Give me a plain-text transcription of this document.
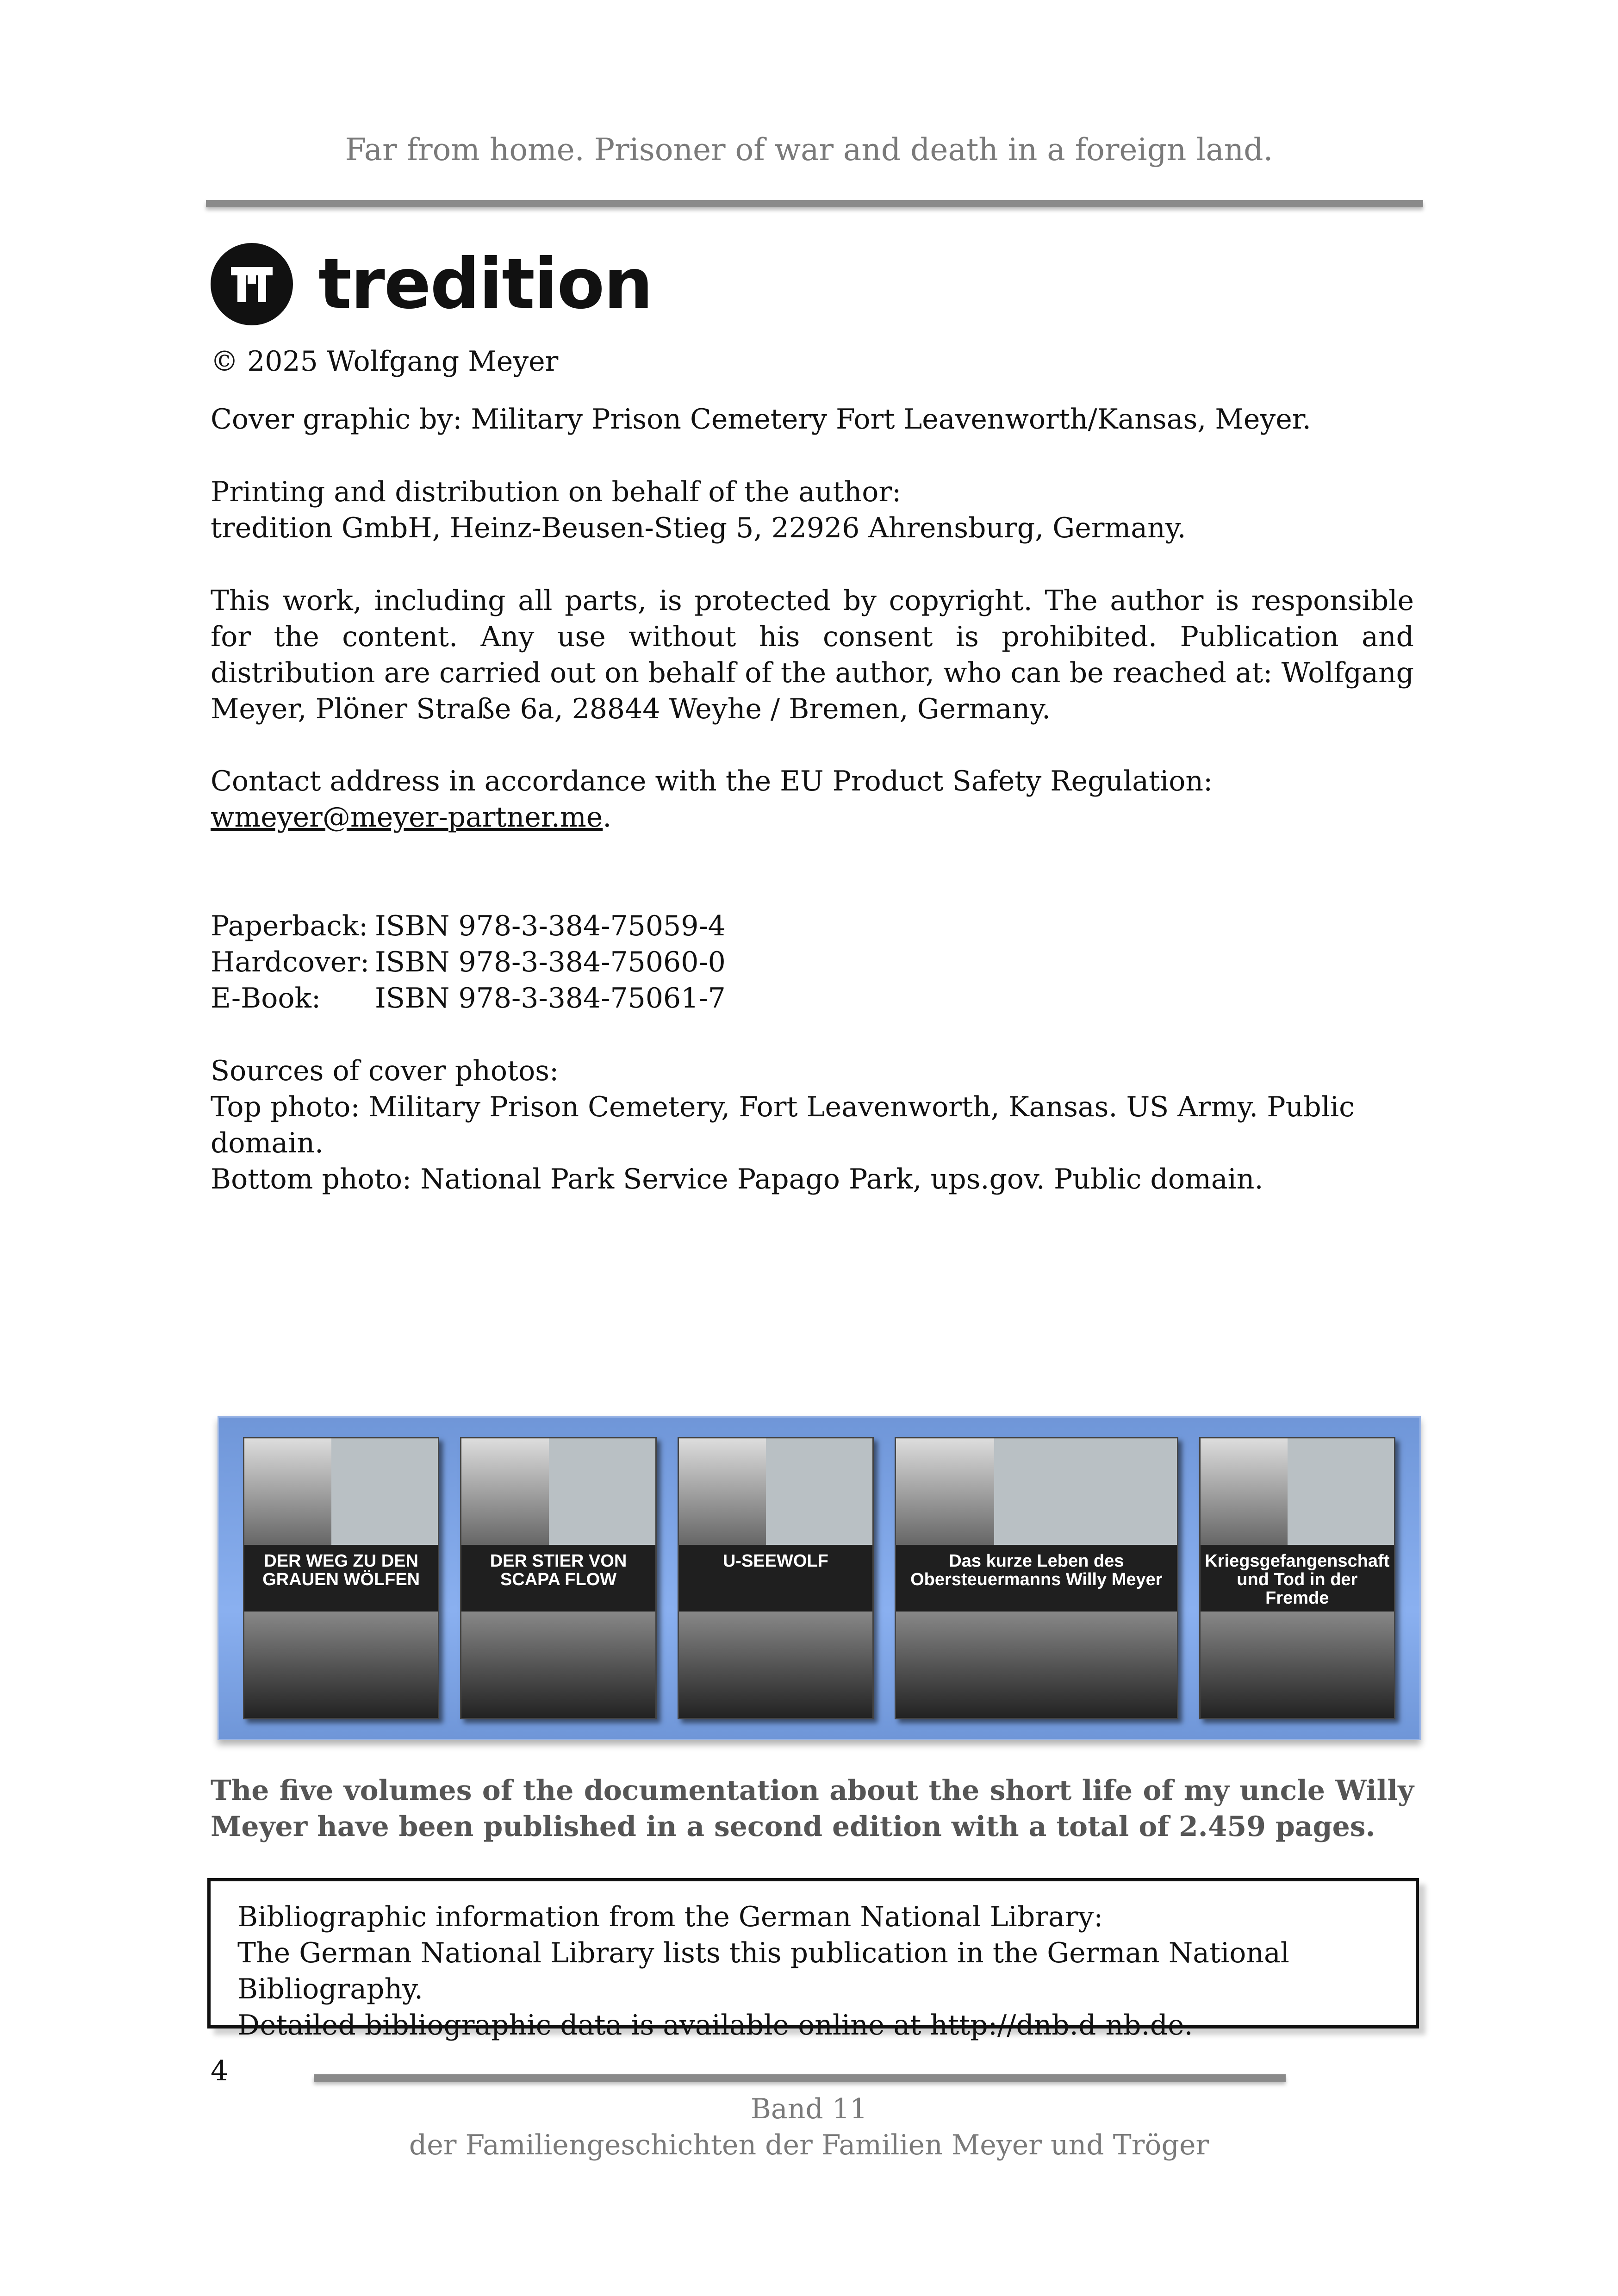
Far from home. Prisoner of war and death in a foreign land.
tredition
© 2025 Wolfgang Meyer
Cover graphic by: Military Prison Cemetery Fort Leavenworth/Kansas, Meyer.
Printing and distribution on behalf of the author:
tredition GmbH, Heinz-Beusen-Stieg 5, 22926 Ahrensburg, Germany.
This work, including all parts, is protected by copyright. The author is responsible for the content. Any use without his consent is prohibited. Publication and distribution are carried out on behalf of the author, who can be reached at: Wolfgang Meyer, Plöner Straße 6a, 28844 Weyhe / Bremen, Germany.
Contact address in accordance with the EU Product Safety Regulation:
wmeyer@meyer-partner.me.
Paperback: ISBN 978-3-384-75059-4
Hardcover: ISBN 978-3-384-75060-0
E-Book:	ISBN 978-3-384-75061-7
Sources of cover photos:
Top photo: Military Prison Cemetery, Fort Leavenworth, Kansas. US Army. Public domain.
Bottom photo: National Park Service Papago Park, ups.gov. Public domain.
DER WEG ZU DEN GRAUEN WÖLFEN
DER STIER VON SCAPA FLOW
U-SEEWOLF	Das kurze Leben des Obersteuermanns Willy Meyer
Kriegsgefangenschaft und Tod in der Fremde
The five volumes of the documentation about the short life of my uncle Willy Meyer have been published in a second edition with a total of 2.459 pages.
Bibliographic information from the German National Library:
The German National Library lists this publication in the German National Bibliography.
Detailed bibliographic data is available online at http://dnb.d-nb.de.
4
Band 11
der Familiengeschichten der Familien Meyer und Tröger
